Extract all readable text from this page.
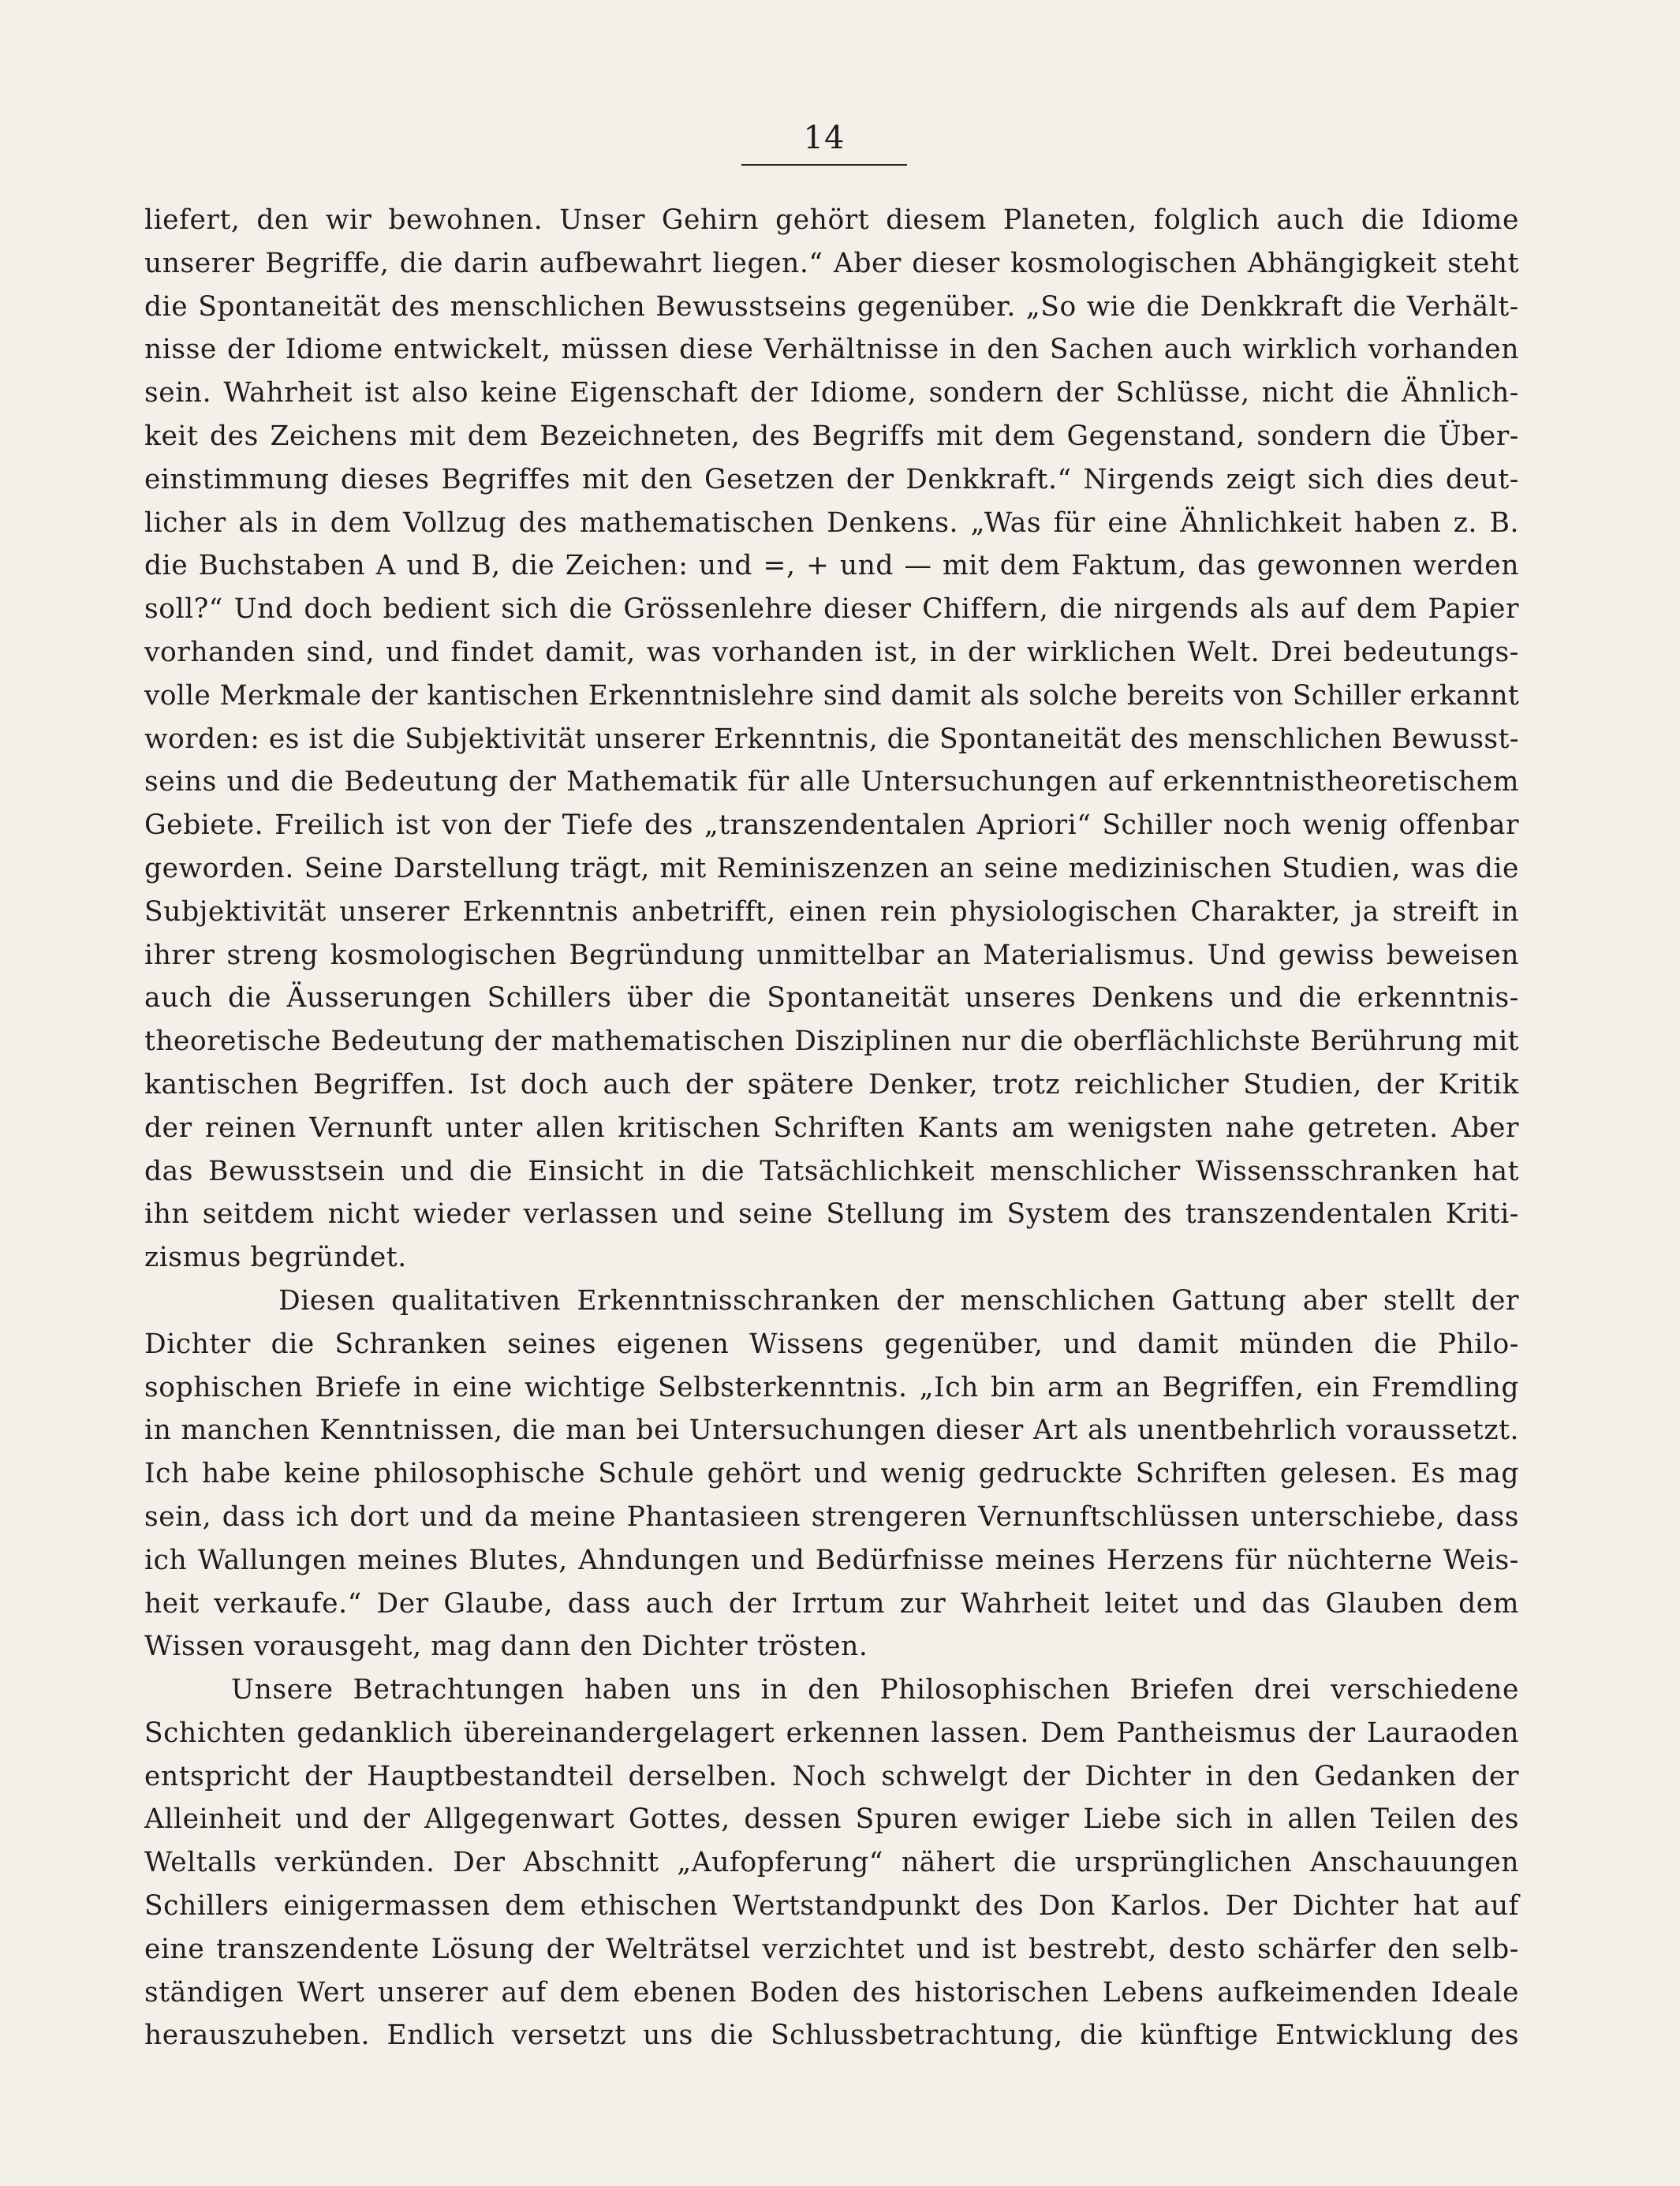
14
liefert, den wir bewohnen. Unser Gehirn gehört diesem Planeten, folglich auch die Idiome
unserer Begriffe, die darin aufbewahrt liegen.“ Aber dieser kosmologischen Abhängigkeit steht
die Spontaneität des menschlichen Bewusstseins gegenüber. „So wie die Denkkraft die Verhält-
nisse der Idiome entwickelt, müssen diese Verhältnisse in den Sachen auch wirklich vorhanden
sein. Wahrheit ist also keine Eigenschaft der Idiome, sondern der Schlüsse, nicht die Ähnlich-
keit des Zeichens mit dem Bezeichneten, des Begriffs mit dem Gegenstand, sondern die Über-
einstimmung dieses Begriffes mit den Gesetzen der Denkkraft.“ Nirgends zeigt sich dies deut-
licher als in dem Vollzug des mathematischen Denkens. „Was für eine Ähnlichkeit haben z. B.
die Buchstaben A und B, die Zeichen: und =, + und — mit dem Faktum, das gewonnen werden
soll?“ Und doch bedient sich die Grössenlehre dieser Chiffern, die nirgends als auf dem Papier
vorhanden sind, und findet damit, was vorhanden ist, in der wirklichen Welt. Drei bedeutungs-
volle Merkmale der kantischen Erkenntnislehre sind damit als solche bereits von Schiller erkannt
worden: es ist die Subjektivität unserer Erkenntnis, die Spontaneität des menschlichen Bewusst-
seins und die Bedeutung der Mathematik für alle Untersuchungen auf erkenntnistheoretischem
Gebiete. Freilich ist von der Tiefe des „transzendentalen Apriori“ Schiller noch wenig offenbar
geworden. Seine Darstellung trägt, mit Reminiszenzen an seine medizinischen Studien, was die
Subjektivität unserer Erkenntnis anbetrifft, einen rein physiologischen Charakter, ja streift in
ihrer streng kosmologischen Begründung unmittelbar an Materialismus. Und gewiss beweisen
auch die Äusserungen Schillers über die Spontaneität unseres Denkens und die erkenntnis-
theoretische Bedeutung der mathematischen Disziplinen nur die oberflächlichste Berührung mit
kantischen Begriffen. Ist doch auch der spätere Denker, trotz reichlicher Studien, der Kritik
der reinen Vernunft unter allen kritischen Schriften Kants am wenigsten nahe getreten. Aber
das Bewusstsein und die Einsicht in die Tatsächlichkeit menschlicher Wissensschranken hat
ihn seitdem nicht wieder verlassen und seine Stellung im System des transzendentalen Kriti-
zismus begründet.
Diesen qualitativen Erkenntnisschranken der menschlichen Gattung aber stellt der
Dichter die Schranken seines eigenen Wissens gegenüber, und damit münden die Philo-
sophischen Briefe in eine wichtige Selbsterkenntnis. „Ich bin arm an Begriffen, ein Fremdling
in manchen Kenntnissen, die man bei Untersuchungen dieser Art als unentbehrlich voraussetzt.
Ich habe keine philosophische Schule gehört und wenig gedruckte Schriften gelesen. Es mag
sein, dass ich dort und da meine Phantasieen strengeren Vernunftschlüssen unterschiebe, dass
ich Wallungen meines Blutes, Ahndungen und Bedürfnisse meines Herzens für nüchterne Weis-
heit verkaufe.“ Der Glaube, dass auch der Irrtum zur Wahrheit leitet und das Glauben dem
Wissen vorausgeht, mag dann den Dichter trösten.
Unsere Betrachtungen haben uns in den Philosophischen Briefen drei verschiedene
Schichten gedanklich übereinandergelagert erkennen lassen. Dem Pantheismus der Lauraoden
entspricht der Hauptbestandteil derselben. Noch schwelgt der Dichter in den Gedanken der
Alleinheit und der Allgegenwart Gottes, dessen Spuren ewiger Liebe sich in allen Teilen des
Weltalls verkünden. Der Abschnitt „Aufopferung“ nähert die ursprünglichen Anschauungen
Schillers einigermassen dem ethischen Wertstandpunkt des Don Karlos. Der Dichter hat auf
eine transzendente Lösung der Welträtsel verzichtet und ist bestrebt, desto schärfer den selb-
ständigen Wert unserer auf dem ebenen Boden des historischen Lebens aufkeimenden Ideale
herauszuheben. Endlich versetzt uns die Schlussbetrachtung, die künftige Entwicklung des
